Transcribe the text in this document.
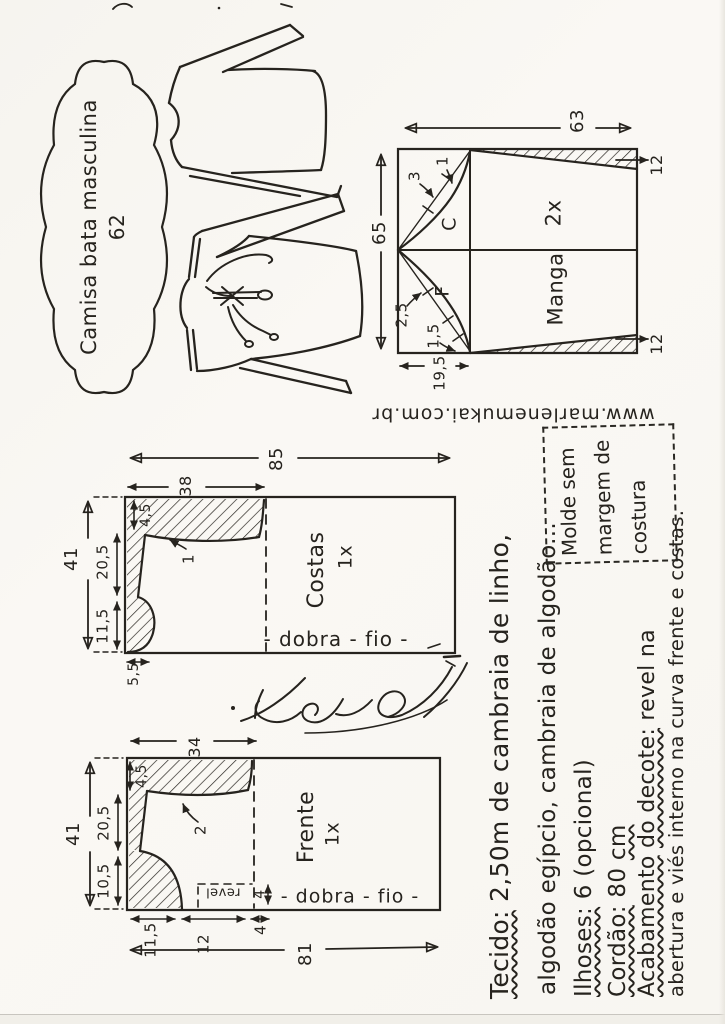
Camisa bata masculina 62
63
65
12
12
19,5
3
1
2,5
1,5
C
F
2x
Manga
www.marlenemukai.com.br
85
38
41
4,5
20,5
11,5
5,5
1	Costas 1x
- dobra - fio -
34
41
4,5
20,5
10,5
2
revel 4
Frente 1x
- dobra - fio -
11,5 12
4
81	Tecido: 2,50m de cambraia de linho, algodão egípcio, cambraia de algodão... Ilhoses: 6 (opcional)
Cordão: 80 cm
Acabamento do decote: revel na abertura e viés interno na curva frente e costas.
Molde sem margem de costura
